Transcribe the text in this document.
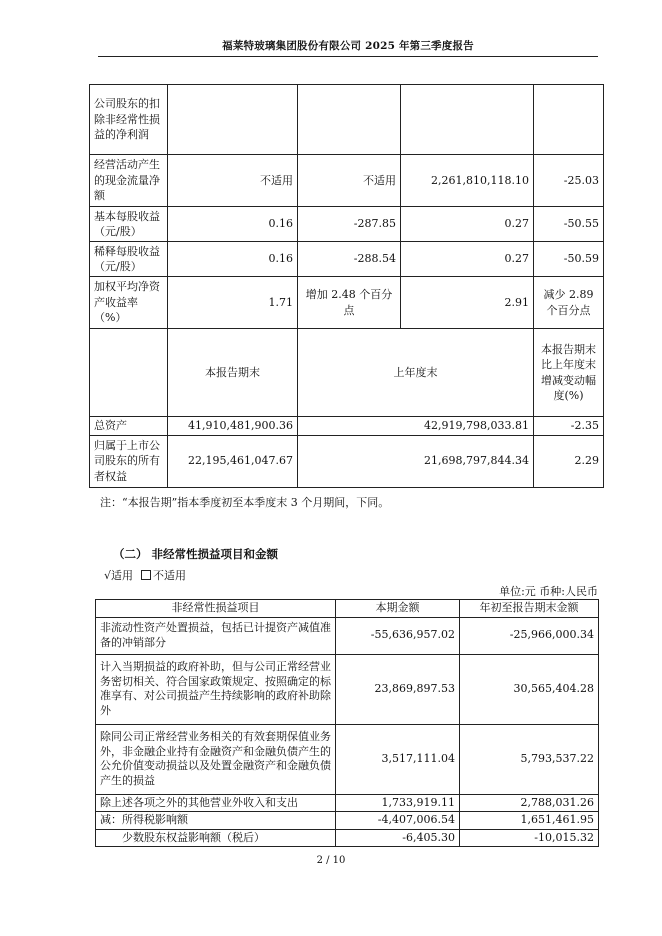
福莱特玻璃集团股份有限公司 2025 年第三季度报告
公司股东的扣除非经常性损益的净利润				
经营活动产生的现金流量净额	不适用	不适用	2,261,810,118.10	-25.03
基本每股收益（元/股）	0.16	-287.85	0.27	-50.55
稀释每股收益（元/股）	0.16	-288.54	0.27	-50.59
加权平均净资产收益率（%）	1.71	增加 2.48 个百分点	2.91	减少 2.89 个百分点
	本报告期末	上年度末		本报告期末比上年度末增减变动幅度(%)
总资产	41,910,481,900.36	42,919,798,033.81		-2.35
归属于上市公司股东的所有者权益	22,195,461,047.67	21,698,797,844.34		2.29
注：“本报告期”指本季度初至本季度末 3 个月期间，下同。
（二） 非经常性损益项目和金额
√适用 不适用
单位:元 币种:人民币
非经常性损益项目	本期金额	年初至报告期末金额
非流动性资产处置损益，包括已计提资产减值准备的冲销部分	-55,636,957.02	-25,966,000.34
计入当期损益的政府补助，但与公司正常经营业务密切相关、符合国家政策规定、按照确定的标准享有、对公司损益产生持续影响的政府补助除外	23,869,897.53	30,565,404.28
除同公司正常经营业务相关的有效套期保值业务外，非金融企业持有金融资产和金融负债产生的公允价值变动损益以及处置金融资产和金融负债产生的损益	3,517,111.04	5,793,537.22
除上述各项之外的其他营业外收入和支出	1,733,919.11	2,788,031.26
减：所得税影响额	-4,407,006.54	1,651,461.95
少数股东权益影响额（税后）	-6,405.30	-10,015.32
2 / 10
